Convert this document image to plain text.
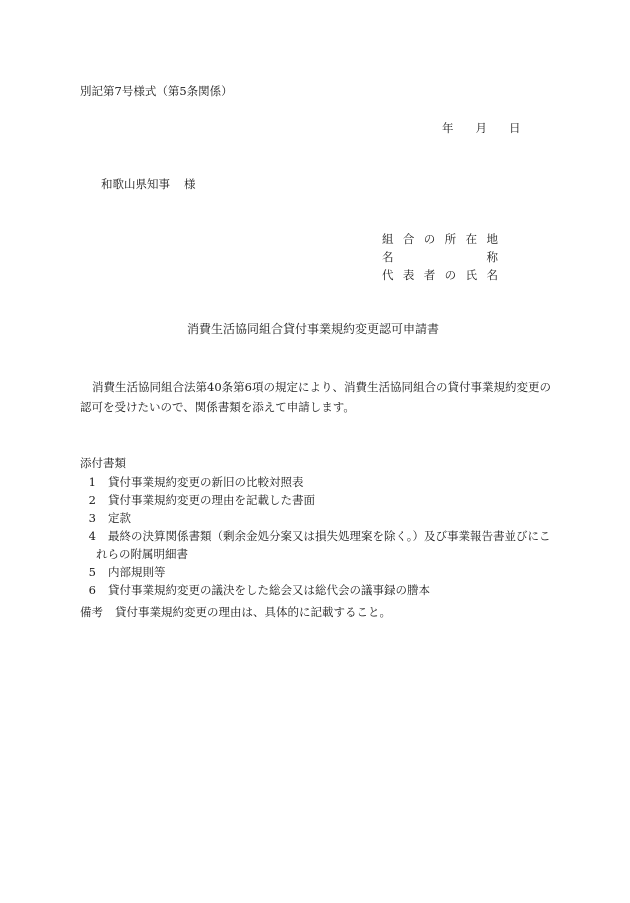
別記第7号様式（第5条関係）
年 月 日
和歌山県知事 様
組 合 の 所 在 地
名	称
代 表 者 の 氏 名
消費生活協同組合貸付事業規約変更認可申請書

消費生活協同組合法第40条第6項の規定により、消費生活協同組合の貸付事業規約変更の認可を受けたいので、関係書類を添えて申請します。

添付書類
1	貸付事業規約変更の新旧の比較対照表
2	貸付事業規約変更の理由を記載した書面
3	定款
4	最終の決算関係書類（剰余金処分案又は損失処理案を除く。）及び事業報告書並びにこ
れらの附属明細書
5	内部規則等
6	貸付事業規約変更の議決をした総会又は総代会の議事録の謄本
備考 貸付事業規約変更の理由は、具体的に記載すること。
